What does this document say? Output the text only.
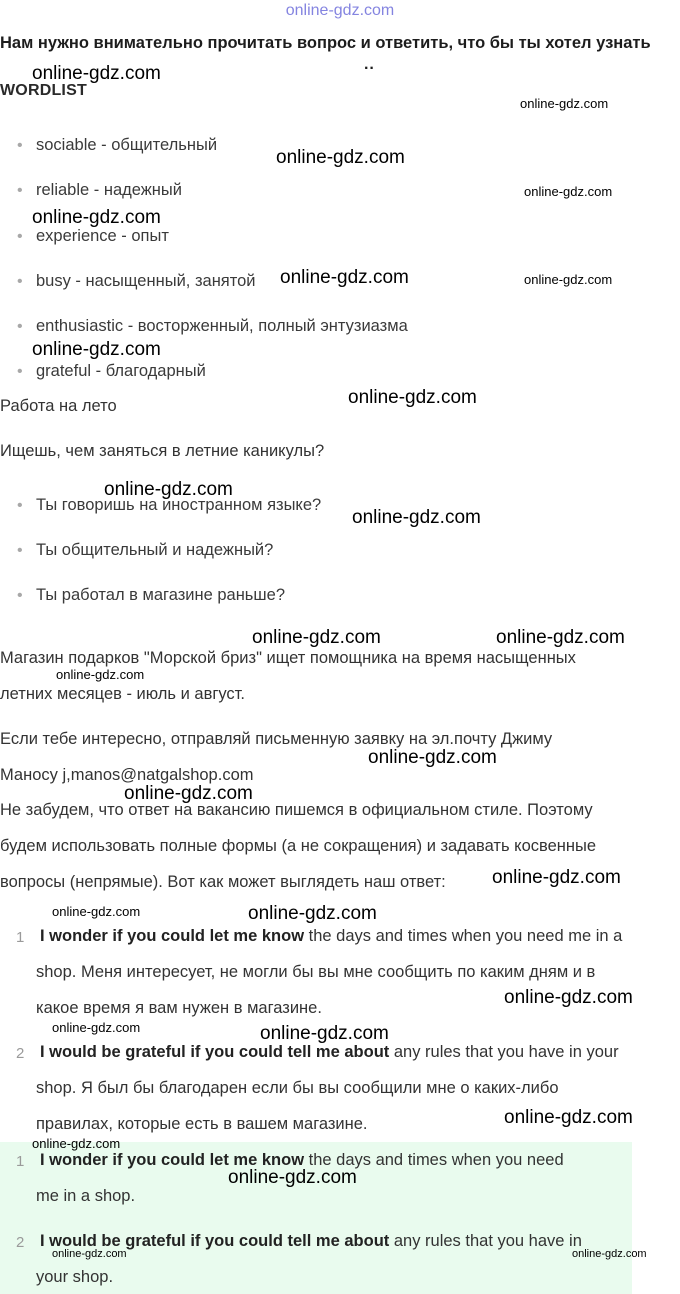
online-gdz.com
Нам нужно внимательно прочитать вопрос и ответить, что бы ты хотел узнать
··
WORDLIST
• sociable - общительный
• reliable - надежный
• experience - опыт
• busy - насыщенный, занятой
• enthusiastic - восторженный, полный энтузиазма
• grateful - благодарный
Работа на лето
Ищешь, чем заняться в летние каникулы?
• Ты говоришь на иностранном языке?
• Ты общительный и надежный?
• Ты работал в магазине раньше?
Магазин подарков "Морской бриз" ищет помощника на время насыщенных
летних месяцев - июль и август.
Если тебе интересно, отправляй письменную заявку на эл.почту Джиму
Маносу j,manos@natgalshop.com
Не забудем, что ответ на вакансию пишемся в официальном стиле. Поэтому
будем использовать полные формы (а не сокращения) и задавать косвенные
вопросы (непрямые). Вот как может выглядеть наш ответ:
1 I wonder if you could let me know the days and times when you need me in a
shop. Меня интересует, не могли бы вы мне сообщить по каким дням и в
какое время я вам нужен в магазине.
2 I would be grateful if you could tell me about any rules that you have in your
shop. Я был бы благодарен если бы вы сообщили мне о каких-либо
правилах, которые есть в вашем магазине.
1 I wonder if you could let me know the days and times when you need
me in a shop.
2 I would be grateful if you could tell me about any rules that you have in
your shop.
online-gdz.com
online-gdz.com
online-gdz.com
online-gdz.com
online-gdz.com
online-gdz.com	online-gdz.com
online-gdz.com
online-gdz.com
online-gdz.com
online-gdz.com
online-gdz.com	online-gdz.com
online-gdz.com
online-gdz.com
online-gdz.com
online-gdz.com
online-gdz.com	online-gdz.com
online-gdz.com
online-gdz.com	online-gdz.com
online-gdz.com
online-gdz.com
online-gdz.com
online-gdz.com	online-gdz.com
